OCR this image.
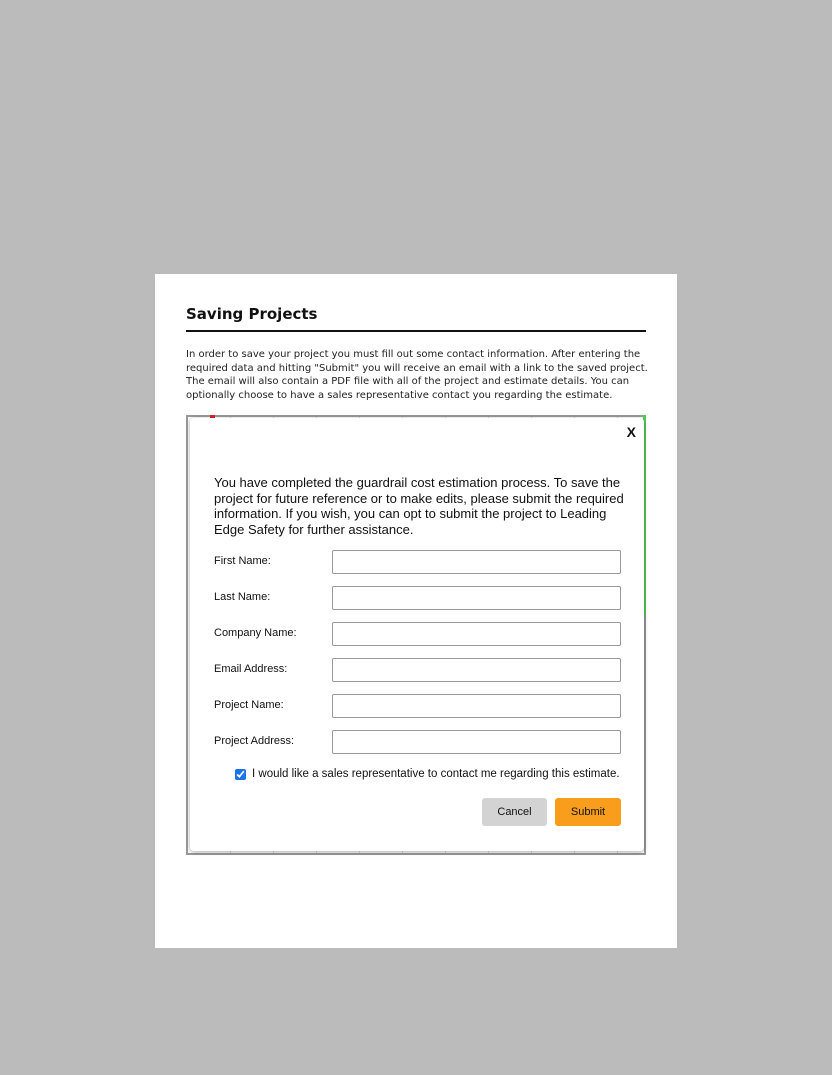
Saving Projects
In order to save your project you must fill out some contact information. After entering the required data and hitting "Submit" you will receive an email with a link to the saved project. The email will also contain a PDF file with all of the project and estimate details. You can optionally choose to have a sales representative contact you regarding the estimate.
X
You have completed the guardrail cost estimation process. To save the project for future reference or to make edits, please submit the required information. If you wish, you can opt to submit the project to Leading Edge Safety for further assistance.
First Name:
Last Name:
Company Name:
Email Address:
Project Name:
Project Address:
I would like a sales representative to contact me regarding this estimate.
Cancel	Submit
